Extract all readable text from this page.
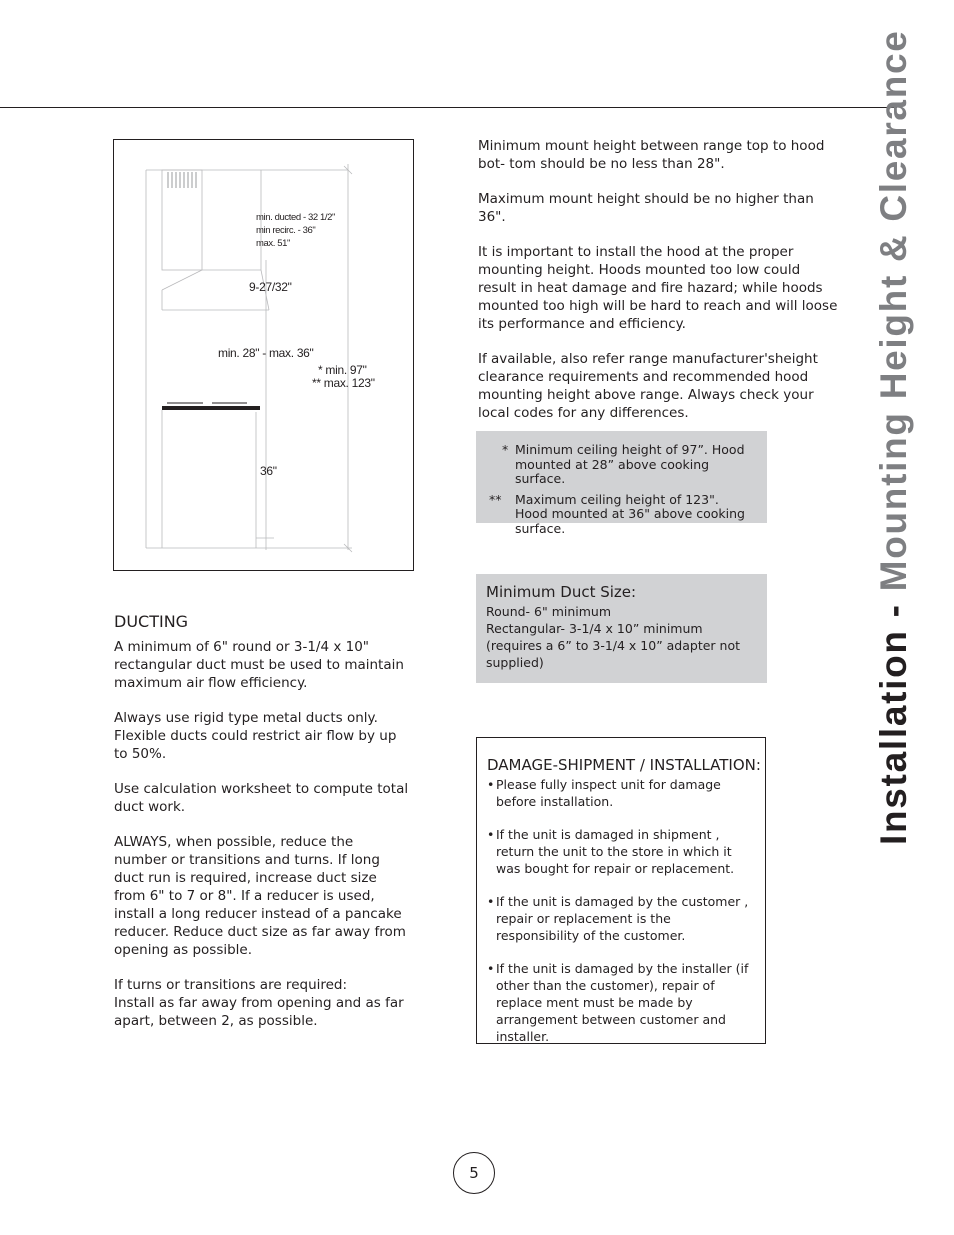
min. ducted - 32 1/2"
min recirc. - 36"
max. 51"
9-27/32"
min. 28" - max. 36"
* min. 97"
** max. 123"
36"

Minimum mount height between range top to hood bot- tom should be no less than 28".

Maximum mount height should be no higher than 36".

It is important to install the hood at the proper mounting height. Hoods mounted too low could result in heat damage and fire hazard; while hoods mounted too high will be hard to reach and will loose its performance and efficiency.

If available, also refer range manufacturer'sheight clearance requirements and recommended hood mounting height above range. Always check your local codes for any differences.

* Minimum ceiling height of 97”. Hood mounted at 28” above cooking surface.
** Maximum ceiling height of 123". Hood mounted at 36" above cooking surface.
Minimum Duct Size:
Round- 6" minimum
Rectangular- 3-1/4 x 10” minimum (requires a 6” to 3-1/4 x 10” adapter not supplied)
DUCTING

A minimum of 6" round or 3-1/4 x 10" rectangular duct must be used to maintain maximum air flow efficiency.

Always use rigid type metal ducts only. Flexible ducts could restrict air flow by up to 50%.

Use calculation worksheet to compute total duct work.

ALWAYS, when possible, reduce the number or transitions and turns. If long duct run is required, increase duct size from 6" to 7 or 8". If a reducer is used, install a long reducer instead of a pancake reducer. Reduce duct size as far away from opening as possible.

If turns or transitions are required:
Install as far away from opening and as far apart, between 2, as possible.

DAMAGE-SHIPMENT / INSTALLATION:
• Please fully inspect unit for damage before installation.
• If the unit is damaged in shipment , return the unit to the store in which it was bought for repair or replacement.
• If the unit is damaged by the customer , repair or replacement is the responsibility of the customer.
• If the unit is damaged by the installer (if other than the customer), repair of replace ment must be made by arrangement between customer and installer.
Installation - Mounting Height & Clearance
5
